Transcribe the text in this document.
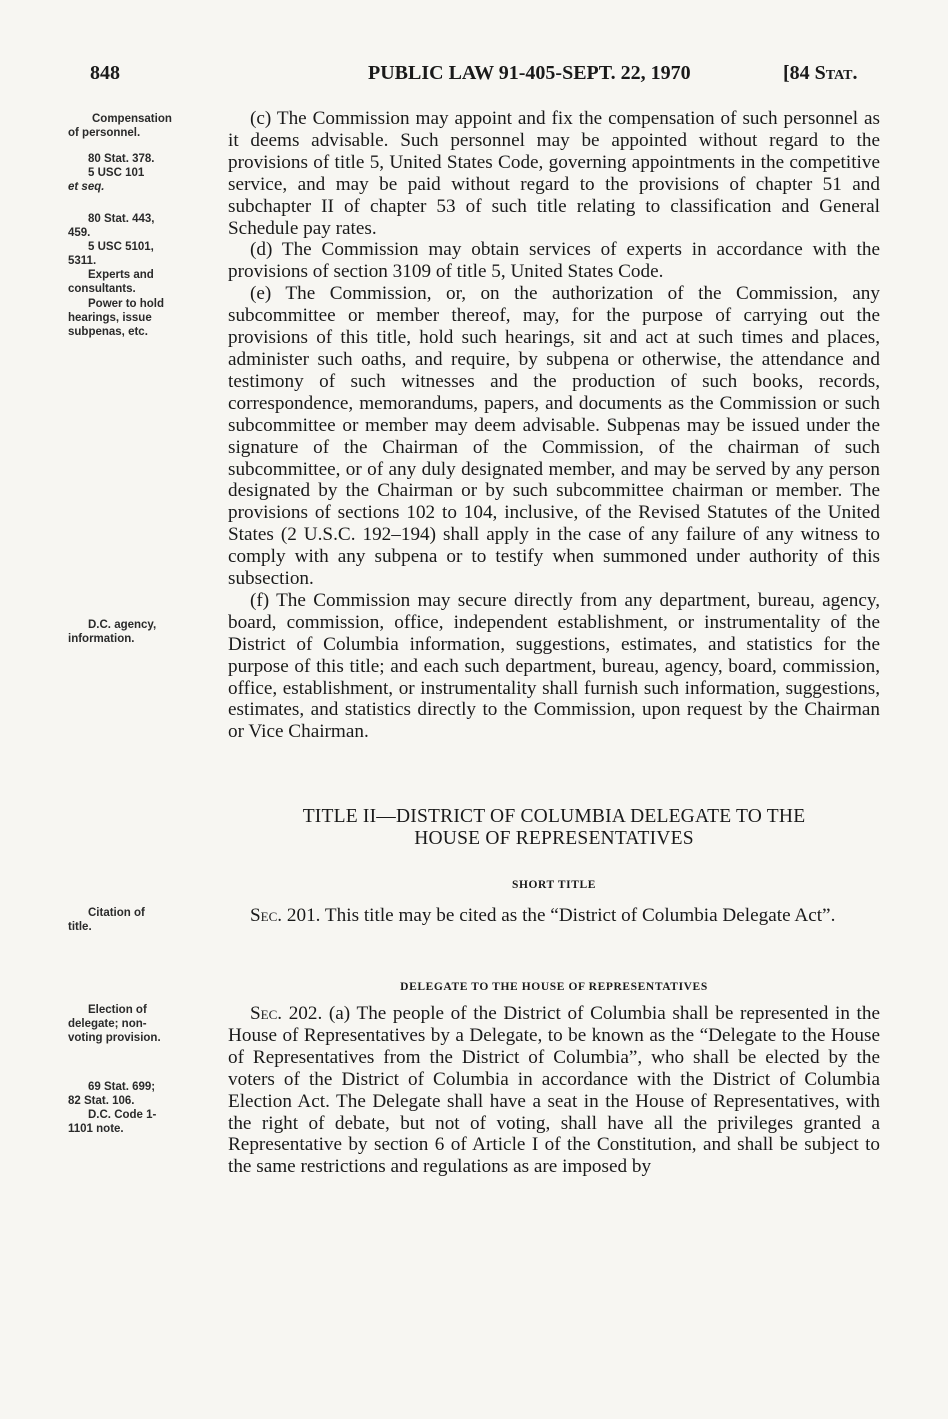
848	PUBLIC LAW 91-405-SEPT. 22, 1970	[84 Stat.
Compensation
of personnel.
80 Stat. 378.
5 USC 101
et seq.
80 Stat. 443,
459.
5 USC 5101,
5311.
Experts and
consultants.
Power to hold
hearings, issue
subpenas, etc.
D.C. agency,
information.
Citation of
title.
Election of
delegate; non-
voting provision.
69 Stat. 699;
82 Stat. 106.
D.C. Code 1-
1101 note.

(c) The Commission may appoint and fix the compensation of such personnel as it deems advisable. Such personnel may be appointed without regard to the provisions of title 5, United States Code, governing appointments in the competitive service, and may be paid without regard to the provisions of chapter 51 and subchapter II of chapter 53 of such title relating to classification and General Schedule pay rates.

(d) The Commission may obtain services of experts in accordance with the provisions of section 3109 of title 5, United States Code.

(e) The Commission, or, on the authorization of the Commission, any subcommittee or member thereof, may, for the purpose of carrying out the provisions of this title, hold such hearings, sit and act at such times and places, administer such oaths, and require, by subpena or otherwise, the attendance and testimony of such witnesses and the production of such books, records, correspondence, memorandums, papers, and documents as the Commission or such subcommittee or member may deem advisable. Subpenas may be issued under the signature of the Chairman of the Commission, of the chairman of such subcommittee, or of any duly designated member, and may be served by any person designated by the Chairman or by such subcommittee chairman or member. The provisions of sections 102 to 104, inclusive, of the Revised Statutes of the United States (2 U.S.C. 192–194) shall apply in the case of any failure of any witness to comply with any subpena or to testify when summoned under authority of this subsection.

(f) The Commission may secure directly from any department, bureau, agency, board, commission, office, independent establishment, or instrumentality of the District of Columbia information, suggestions, estimates, and statistics for the purpose of this title; and each such department, bureau, agency, board, commission, office, establishment, or instrumentality shall furnish such information, suggestions, estimates, and statistics directly to the Commission, upon request by the Chairman or Vice Chairman.

TITLE II—DISTRICT OF COLUMBIA DELEGATE TO THE
HOUSE OF REPRESENTATIVES
SHORT TITLE

Sec. 201. This title may be cited as the “District of Columbia Delegate Act”.

DELEGATE TO THE HOUSE OF REPRESENTATIVES

Sec. 202. (a) The people of the District of Columbia shall be represented in the House of Representatives by a Delegate, to be known as the “Delegate to the House of Representatives from the District of Columbia”, who shall be elected by the voters of the District of Columbia in accordance with the District of Columbia Election Act. The Delegate shall have a seat in the House of Representatives, with the right of debate, but not of voting, shall have all the privileges granted a Representative by section 6 of Article I of the Constitution, and shall be subject to the same restrictions and regulations as are imposed by
